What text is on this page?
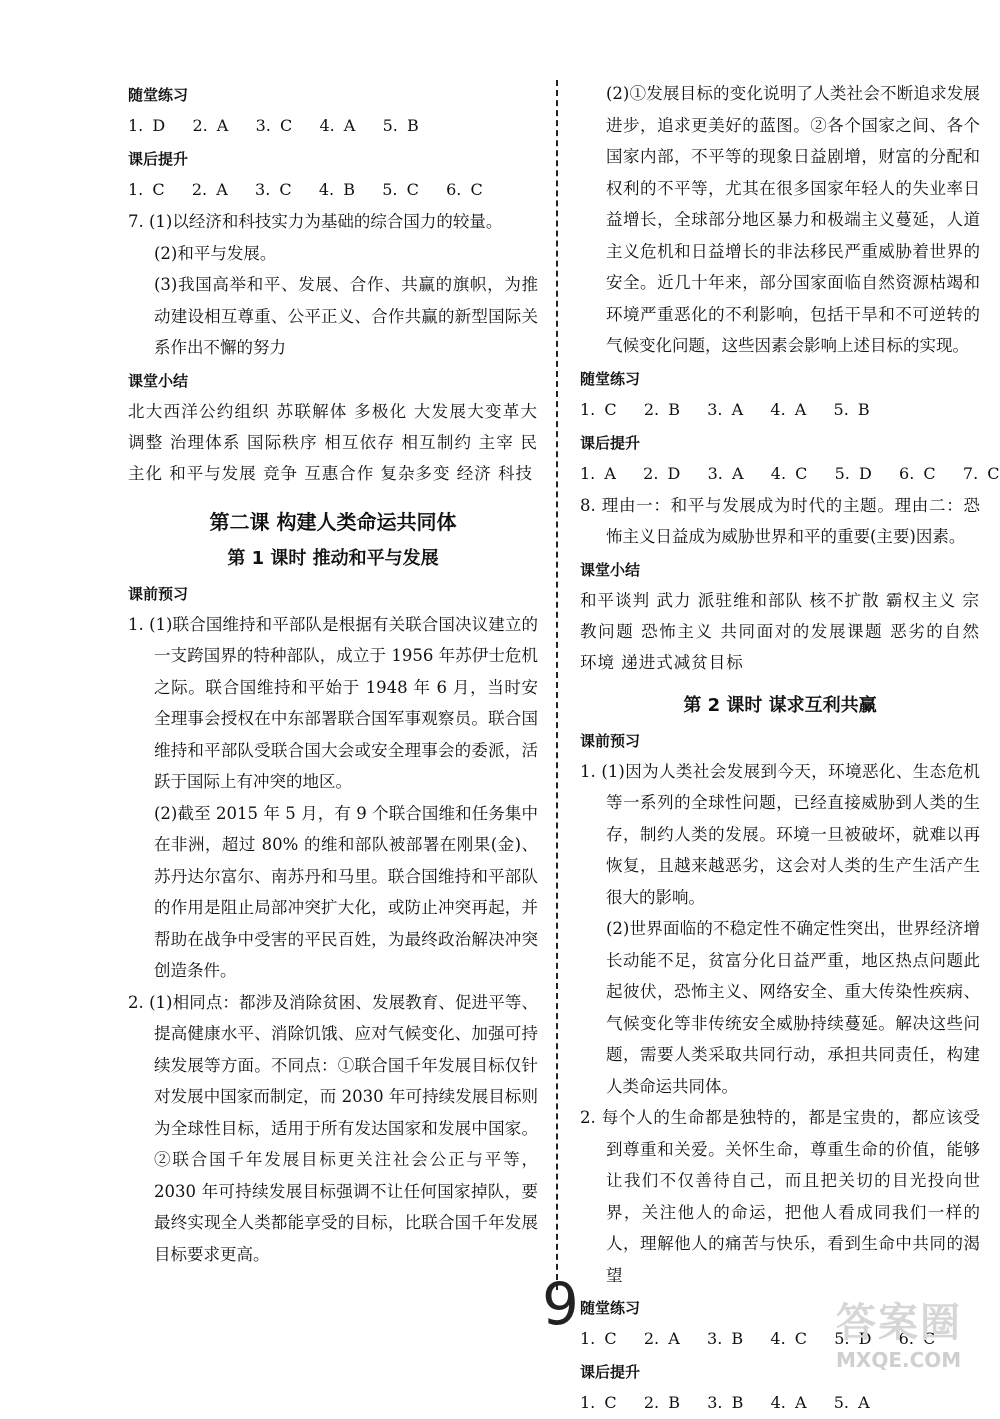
随堂练习
1. D   2. A   3. C   4. A   5. B
课后提升
1. C   2. A   3. C   4. B   5. C   6. C

7. (1)以经济和科技实力为基础的综合国力的较量。

(2)和平与发展。

(3)我国高举和平、发展、合作、共赢的旗帜，为推动建设相互尊重、公平正义、合作共赢的新型国际关系作出不懈的努力

课堂小结

北大西洋公约组织 苏联解体 多极化 大发展大变革大调整 治理体系 国际秩序 相互依存 相互制约 主宰 民主化 和平与发展 竞争 互惠合作 复杂多变 经济 科技

第二课 构建人类命运共同体
第 1 课时 推动和平与发展
课前预习

1. (1)联合国维持和平部队是根据有关联合国决议建立的一支跨国界的特种部队，成立于 1956 年苏伊士危机之际。联合国维持和平始于 1948 年 6 月，当时安全理事会授权在中东部署联合国军事观察员。联合国维持和平部队受联合国大会或安全理事会的委派，活跃于国际上有冲突的地区。

(2)截至 2015 年 5 月，有 9 个联合国维和任务集中在非洲，超过 80% 的维和部队被部署在刚果(金)、苏丹达尔富尔、南苏丹和马里。联合国维持和平部队的作用是阻止局部冲突扩大化，或防止冲突再起，并帮助在战争中受害的平民百姓，为最终政治解决冲突创造条件。

2. (1)相同点：都涉及消除贫困、发展教育、促进平等、提高健康水平、消除饥饿、应对气候变化、加强可持续发展等方面。不同点：①联合国千年发展目标仅针对发展中国家而制定，而 2030 年可持续发展目标则为全球性目标，适用于所有发达国家和发展中国家。②联合国千年发展目标更关注社会公正与平等，2030 年可持续发展目标强调不让任何国家掉队，要最终实现全人类都能享受的目标，比联合国千年发展目标要求更高。

(2)①发展目标的变化说明了人类社会不断追求发展进步，追求更美好的蓝图。②各个国家之间、各个国家内部，不平等的现象日益剧增，财富的分配和权利的不平等，尤其在很多国家年轻人的失业率日益增长，全球部分地区暴力和极端主义蔓延，人道主义危机和日益增长的非法移民严重威胁着世界的安全。近几十年来，部分国家面临自然资源枯竭和环境严重恶化的不利影响，包括干旱和不可逆转的气候变化问题，这些因素会影响上述目标的实现。

随堂练习
1. C   2. B   3. A   4. A   5. B
课后提升
1. A   2. D   3. A   4. C   5. D   6. C   7. C

8. 理由一：和平与发展成为时代的主题。理由二：恐怖主义日益成为威胁世界和平的重要(主要)因素。

课堂小结

和平谈判 武力 派驻维和部队 核不扩散 霸权主义 宗教问题 恐怖主义 共同面对的发展课题 恶劣的自然环境 递进式减贫目标

第 2 课时 谋求互利共赢
课前预习

1. (1)因为人类社会发展到今天，环境恶化、生态危机等一系列的全球性问题，已经直接威胁到人类的生存，制约人类的发展。环境一旦被破坏，就难以再恢复，且越来越恶劣，这会对人类的生产生活产生很大的影响。

(2)世界面临的不稳定性不确定性突出，世界经济增长动能不足，贫富分化日益严重，地区热点问题此起彼伏，恐怖主义、网络安全、重大传染性疾病、气候变化等非传统安全威胁持续蔓延。解决这些问题，需要人类采取共同行动，承担共同责任，构建人类命运共同体。

2. 每个人的生命都是独特的，都是宝贵的，都应该受到尊重和关爱。关怀生命，尊重生命的价值，能够让我们不仅善待自己，而且把关切的目光投向世界，关注他人的命运，把他人看成同我们一样的人，理解他人的痛苦与快乐，看到生命中共同的渴望

随堂练习
1. C   2. A   3. B   4. C   5. D   6. C
课后提升
1. C   2. B   3. B   4. A   5. A
9	答案圈
MXQE.COM
